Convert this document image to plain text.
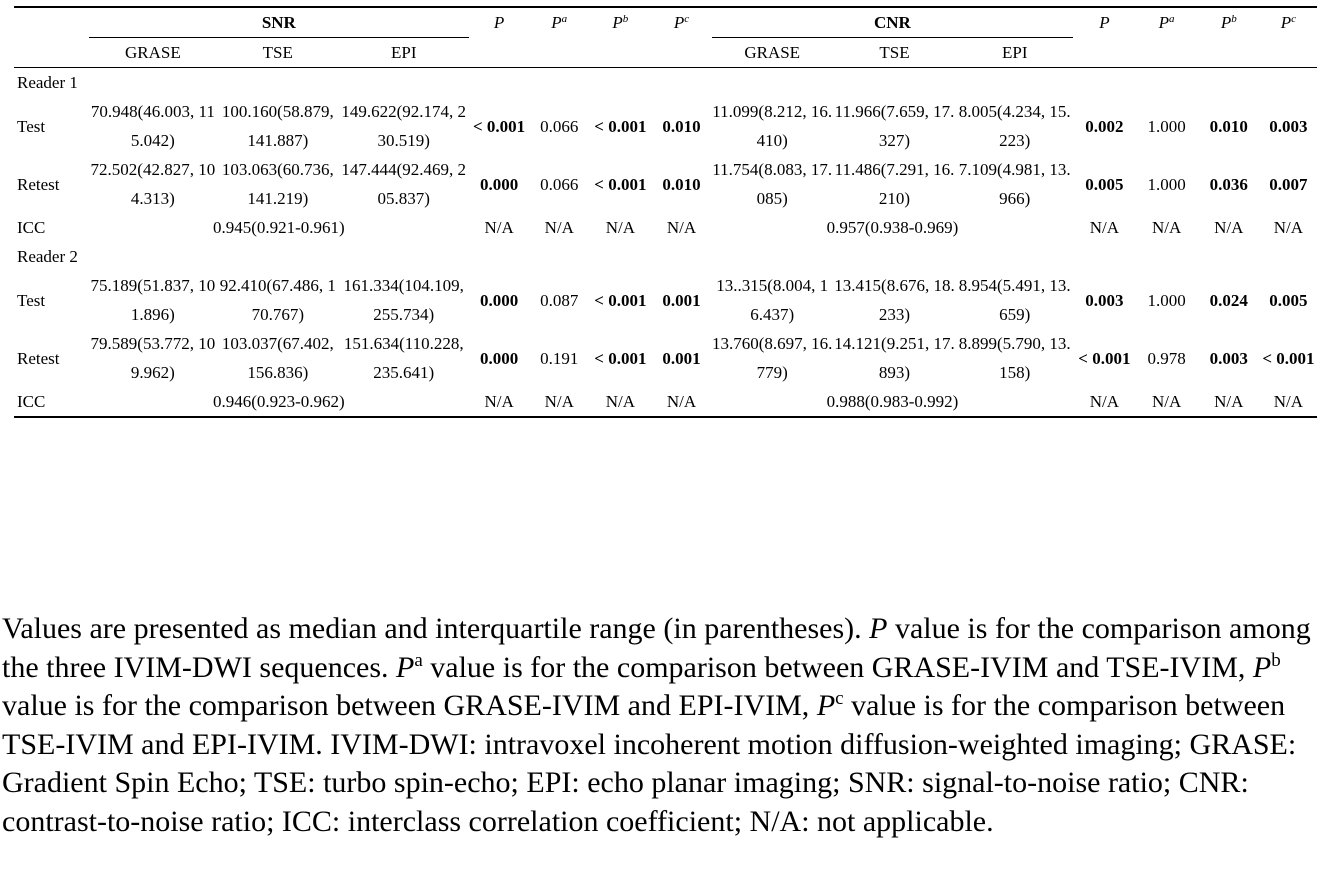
	SNR			P	$P^a$	$P^b$	$P^c$	CNR			P	$P^a$	$P^b$	$P^c$
	GRASE	TSE	EPI					GRASE	TSE	EPI				
Reader 1														
Test	70.948(46.003, 115.042)	100.160(58.879, 141.887)	149.622(92.174, 230.519)	< 0.001	0.066	< 0.001	0.010	11.099(8.212, 16.410)	11.966(7.659, 17.327)	8.005(4.234, 15.223)	0.002	1.000	0.010	0.003
Retest	72.502(42.827, 104.313)	103.063(60.736, 141.219)	147.444(92.469, 205.837)	0.000	0.066	< 0.001	0.010	11.754(8.083, 17.085)	11.486(7.291, 16.210)	7.109(4.981, 13.966)	0.005	1.000	0.036	0.007
ICC	0.945(0.921-0.961)			N/A	N/A	N/A	N/A	0.957(0.938-0.969)			N/A	N/A	N/A	N/A
Reader 2														
Test	75.189(51.837, 101.896)	92.410(67.486, 170.767)	161.334(104.109, 255.734)	0.000	0.087	< 0.001	0.001	13..315(8.004, 16.437)	13.415(8.676, 18.233)	8.954(5.491, 13.659)	0.003	1.000	0.024	0.005
Retest	79.589(53.772, 109.962)	103.037(67.402, 156.836)	151.634(110.228, 235.641)	0.000	0.191	< 0.001	0.001	13.760(8.697, 16.779)	14.121(9.251, 17.893)	8.899(5.790, 13.158)	< 0.001	0.978	0.003	< 0.001
ICC	0.946(0.923-0.962)			N/A	N/A	N/A	N/A	0.988(0.983-0.992)			N/A	N/A	N/A	N/A
Values are presented as median and interquartile range (in parentheses). P value is for the comparison among the three IVIM-DWI sequences. $P^a$ value is for the comparison between GRASE-IVIM and TSE-IVIM, $P^b$ value is for the comparison between GRASE-IVIM and EPI-IVIM, $P^c$ value is for the comparison between TSE-IVIM and EPI-IVIM. IVIM-DWI: intravoxel incoherent motion diffusion-weighted imaging; GRASE: Gradient Spin Echo; TSE: turbo spin-echo; EPI: echo planar imaging; SNR: signal-to-noise ratio; CNR: contrast-to-noise ratio; ICC: interclass correlation coefficient; N/A: not applicable.
